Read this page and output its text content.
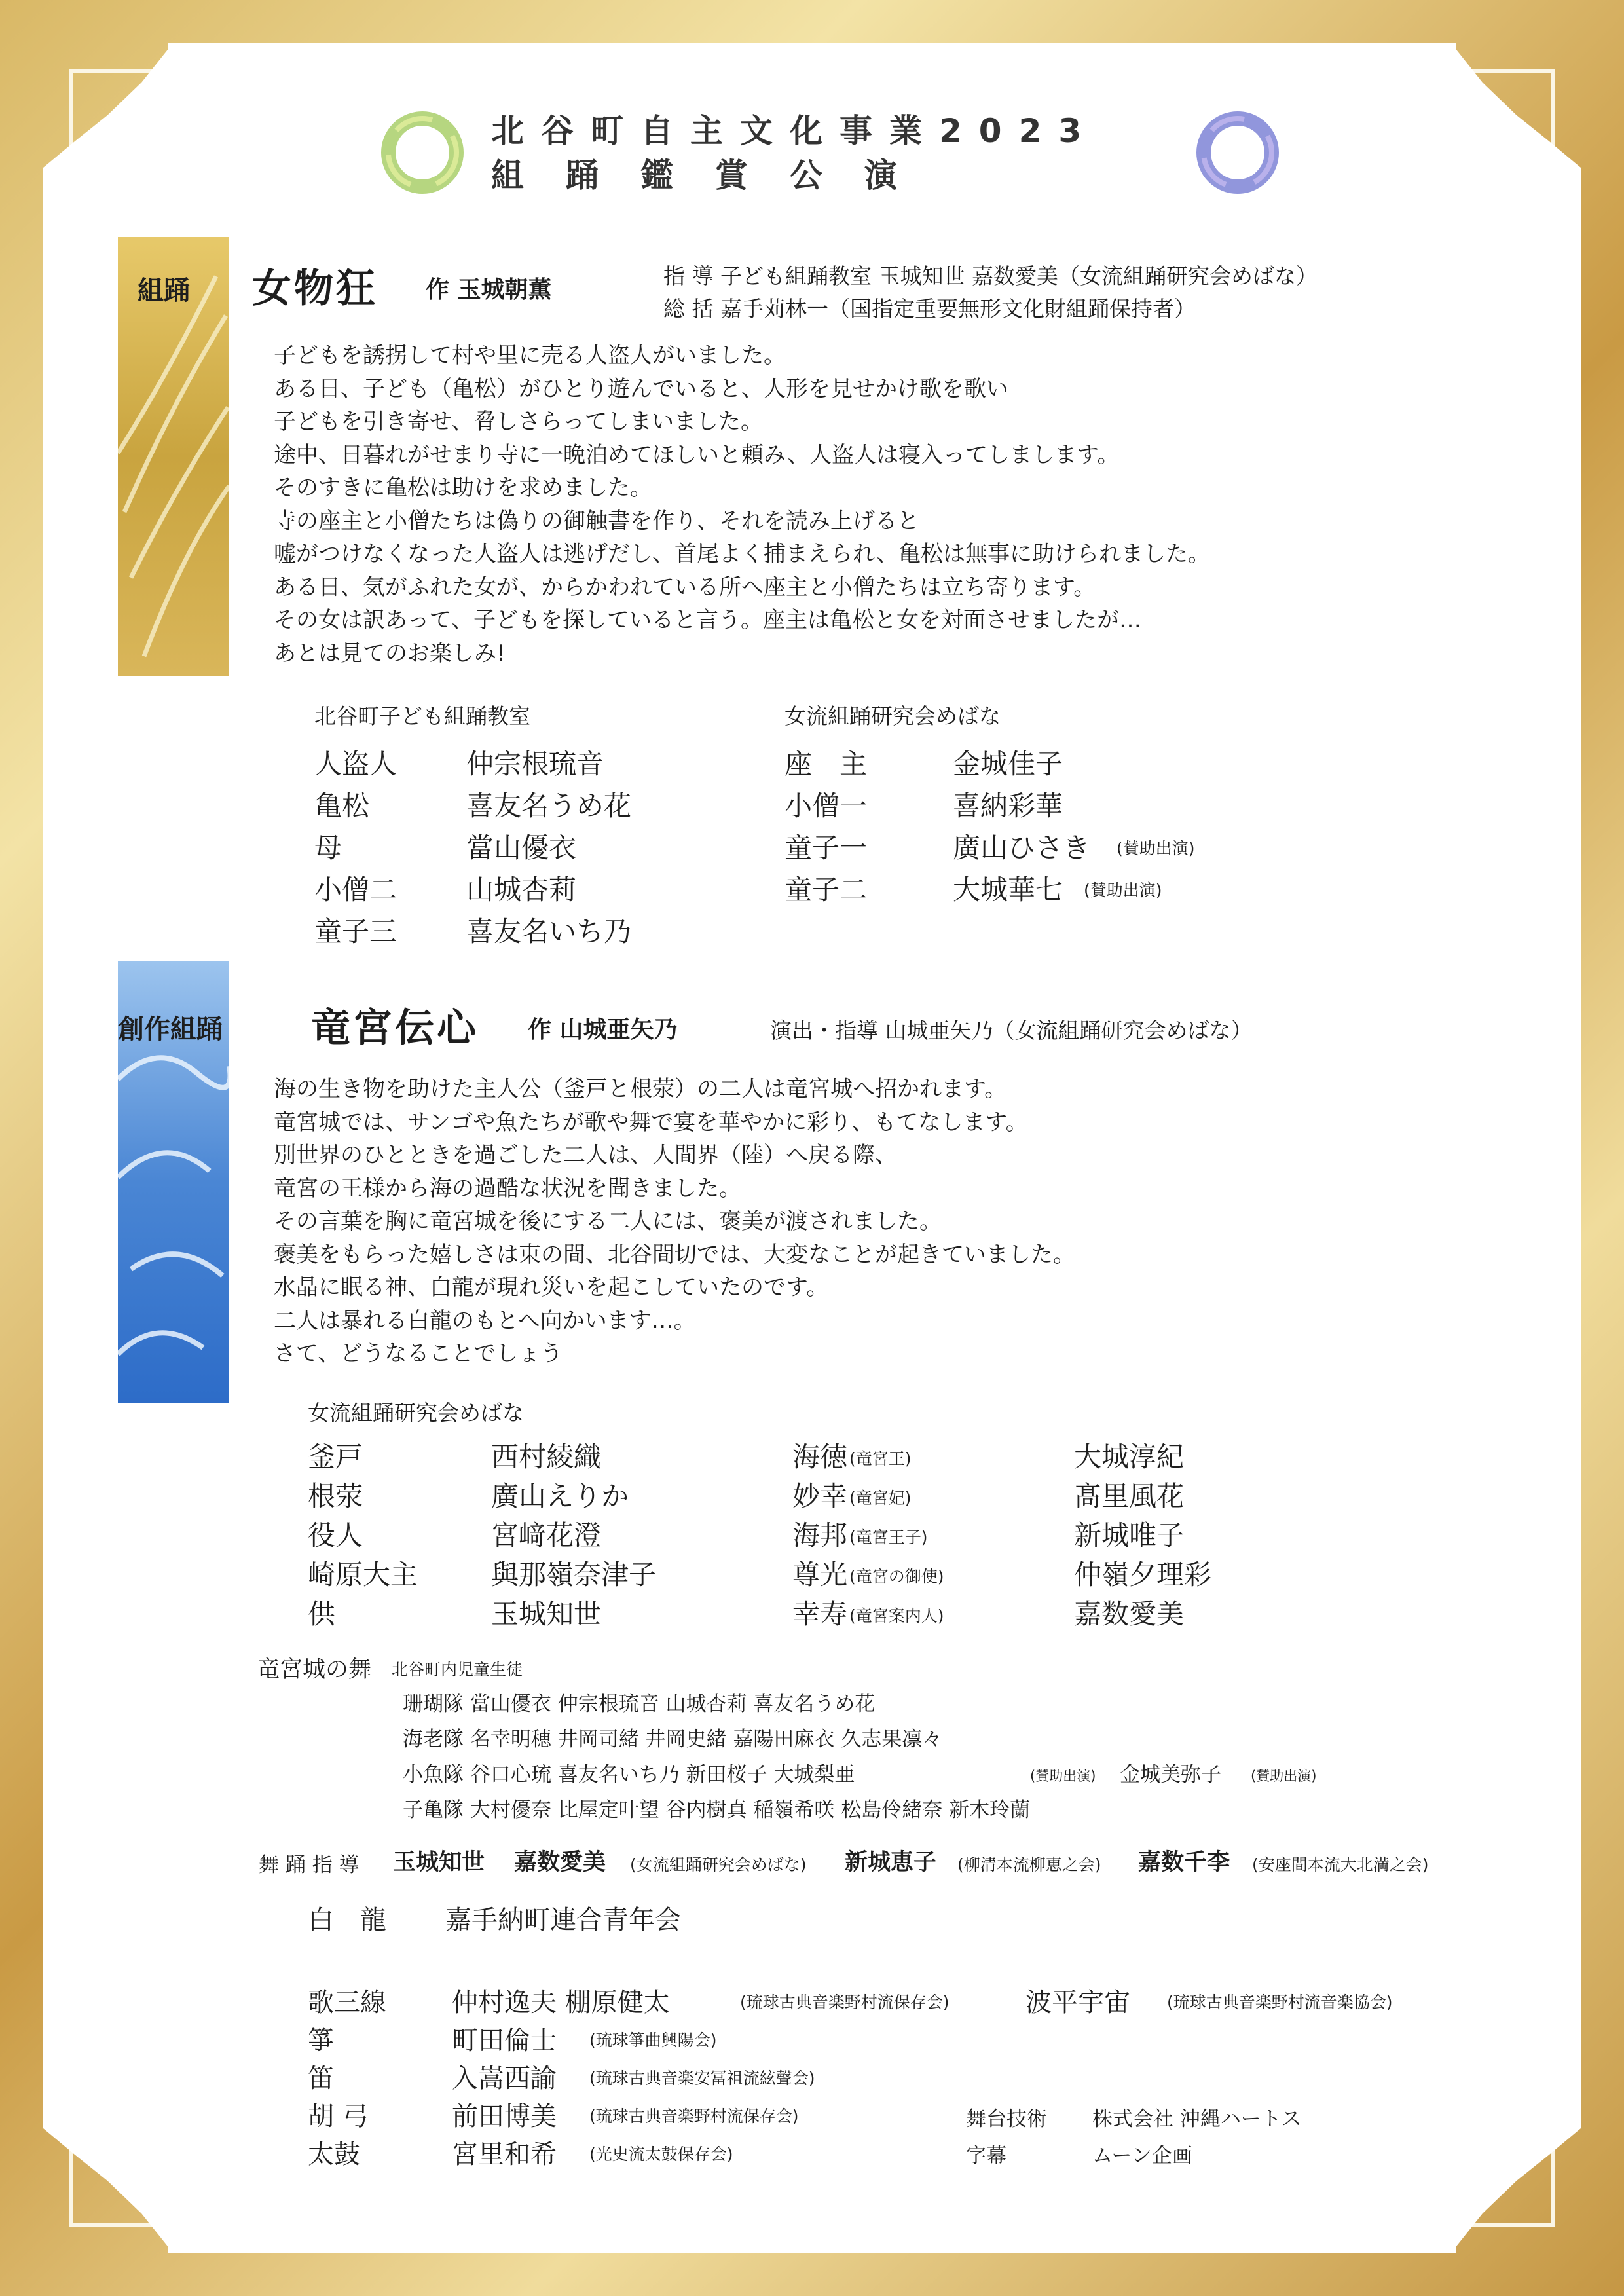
北谷町自主文化事業2023
組踊鑑賞公演
組踊 女物狂 作 玉城朝薫	指 導 子ども組踊教室 玉城知世 嘉数愛美（女流組踊研究会めばな）
総 括 嘉手苅林一（国指定重要無形文化財組踊保持者）

子どもを誘拐して村や里に売る人盗人がいました。

ある日、子ども（亀松）がひとり遊んでいると、人形を見せかけ歌を歌い

子どもを引き寄せ、脅しさらってしまいました。

途中、日暮れがせまり寺に一晩泊めてほしいと頼み、人盗人は寝入ってしまします。

そのすきに亀松は助けを求めました。

寺の座主と小僧たちは偽りの御触書を作り、それを読み上げると

嘘がつけなくなった人盗人は逃げだし、首尾よく捕まえられ、亀松は無事に助けられました。

ある日、気がふれた女が、からかわれている所へ座主と小僧たちは立ち寄ります。

その女は訳あって、子どもを探していると言う。座主は亀松と女を対面させましたが…

あとは見てのお楽しみ!

北谷町子ども組踊教室	女流組踊研究会めばな
人盗人	仲宗根琉音
亀松	喜友名うめ花
母	當山優衣
小僧二	山城杏莉
童子三	喜友名いち乃
座　主	金城佳子
小僧一	喜納彩華
童子一	廣山ひさき (賛助出演)
童子二	大城華七 (賛助出演)
創作組踊 竜宮伝心 作 山城亜矢乃	演出・指導 山城亜矢乃（女流組踊研究会めばな）

海の生き物を助けた主人公（釜戸と根荥）の二人は竜宮城へ招かれます。

竜宮城では、サンゴや魚たちが歌や舞で宴を華やかに彩り、もてなします。

別世界のひとときを過ごした二人は、人間界（陸）へ戻る際、

竜宮の王様から海の過酷な状況を聞きました。

その言葉を胸に竜宮城を後にする二人には、褒美が渡されました。

褒美をもらった嬉しさは束の間、北谷間切では、大変なことが起きていました。

水晶に眠る神、白龍が現れ災いを起こしていたのです。

二人は暴れる白龍のもとへ向かいます…。

さて、どうなることでしょう

女流組踊研究会めばな
釜戸	西村綾織
根荥	廣山えりか
役人	宮﨑花澄
崎原大主	與那嶺奈津子
供	玉城知世
海徳 (竜宮王)	大城淳紀
妙幸 (竜宮妃)	髙里風花
海邦 (竜宮王子)	新城唯子
尊光 (竜宮の御使)	仲嶺夕理彩
幸寿 (竜宮案内人)	嘉数愛美
竜宮城の舞 北谷町内児童生徒
珊瑚隊 當山優衣 仲宗根琉音 山城杏莉 喜友名うめ花
海老隊 名幸明穂 井岡司緒 井岡史緒 嘉陽田麻衣 久志果凛々
小魚隊 谷口心琉 喜友名いち乃 新田桜子 大城梨亜	(賛助出演) 金城美弥子 (賛助出演)
子亀隊 大村優奈 比屋定叶望 谷内樹真 稲嶺希咲 松島伶緒奈 新木玲蘭
舞 踊 指 導 玉城知世 嘉数愛美 (女流組踊研究会めばな) 新城恵子 (柳清本流柳恵之会) 嘉数千李 (安座間本流大北満之会)
白　龍 嘉手納町連合青年会
歌三線	仲村逸夫 棚原健太	(琉球古典音楽野村流保存会)	波平宇宙 (琉球古典音楽野村流音楽協会)
箏	町田倫士 (琉球箏曲興陽会)
笛	入嵩西諭 (琉球古典音楽安冨祖流絃聲会)
胡 弓	前田博美 (琉球古典音楽野村流保存会)
太鼓	宮里和希 (光史流太鼓保存会)
舞台技術 株式会社 沖縄ハートス
字幕	ムーン企画
